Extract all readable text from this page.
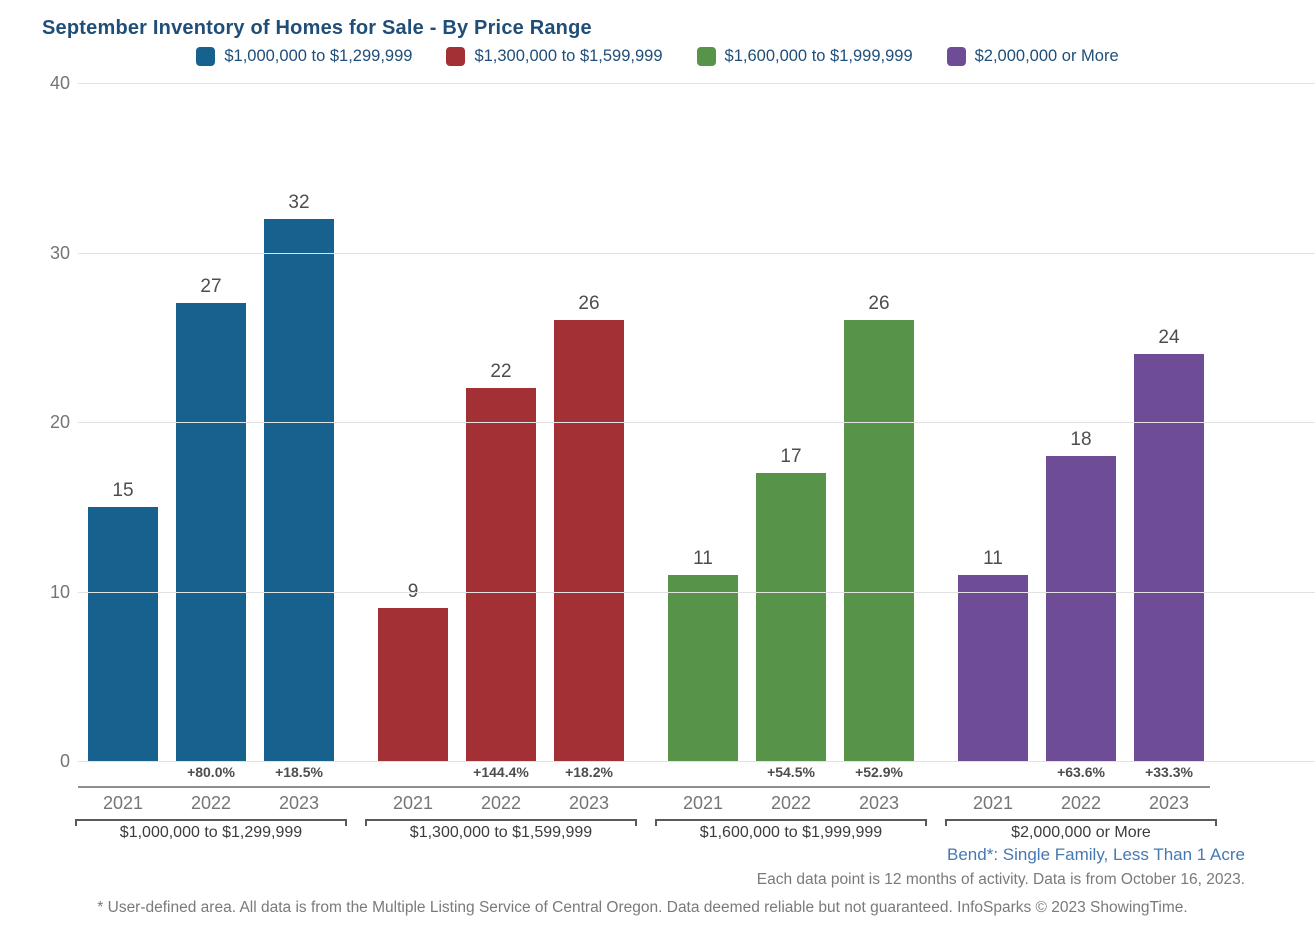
September Inventory of Homes for Sale - By Price Range
$1,000,000 to $1,299,999	$1,300,000 to $1,599,999	$1,600,000 to $1,999,999	$2,000,000 or More
15
2021
27
+80.0%
2022
32
+18.5%
2023
$1,000,000 to $1,299,999
2021
22
+144.4%
2022
26
+18.2%
2023
$1,300,000 to $1,599,999
11
2021
17
+54.5%
2022
26
+52.9%
2023
$1,600,000 to $1,999,999
11
2021
18
+63.6%
2022
24
+33.3%
2023
$2,000,000 or More
Bend*: Single Family, Less Than 1 Acre
Each data point is 12 months of activity. Data is from October 16, 2023.
* User-defined area. All data is from the Multiple Listing Service of Central Oregon. Data deemed reliable but not guaranteed. InfoSparks © 2023 ShowingTime.
0
10
20
30
40
